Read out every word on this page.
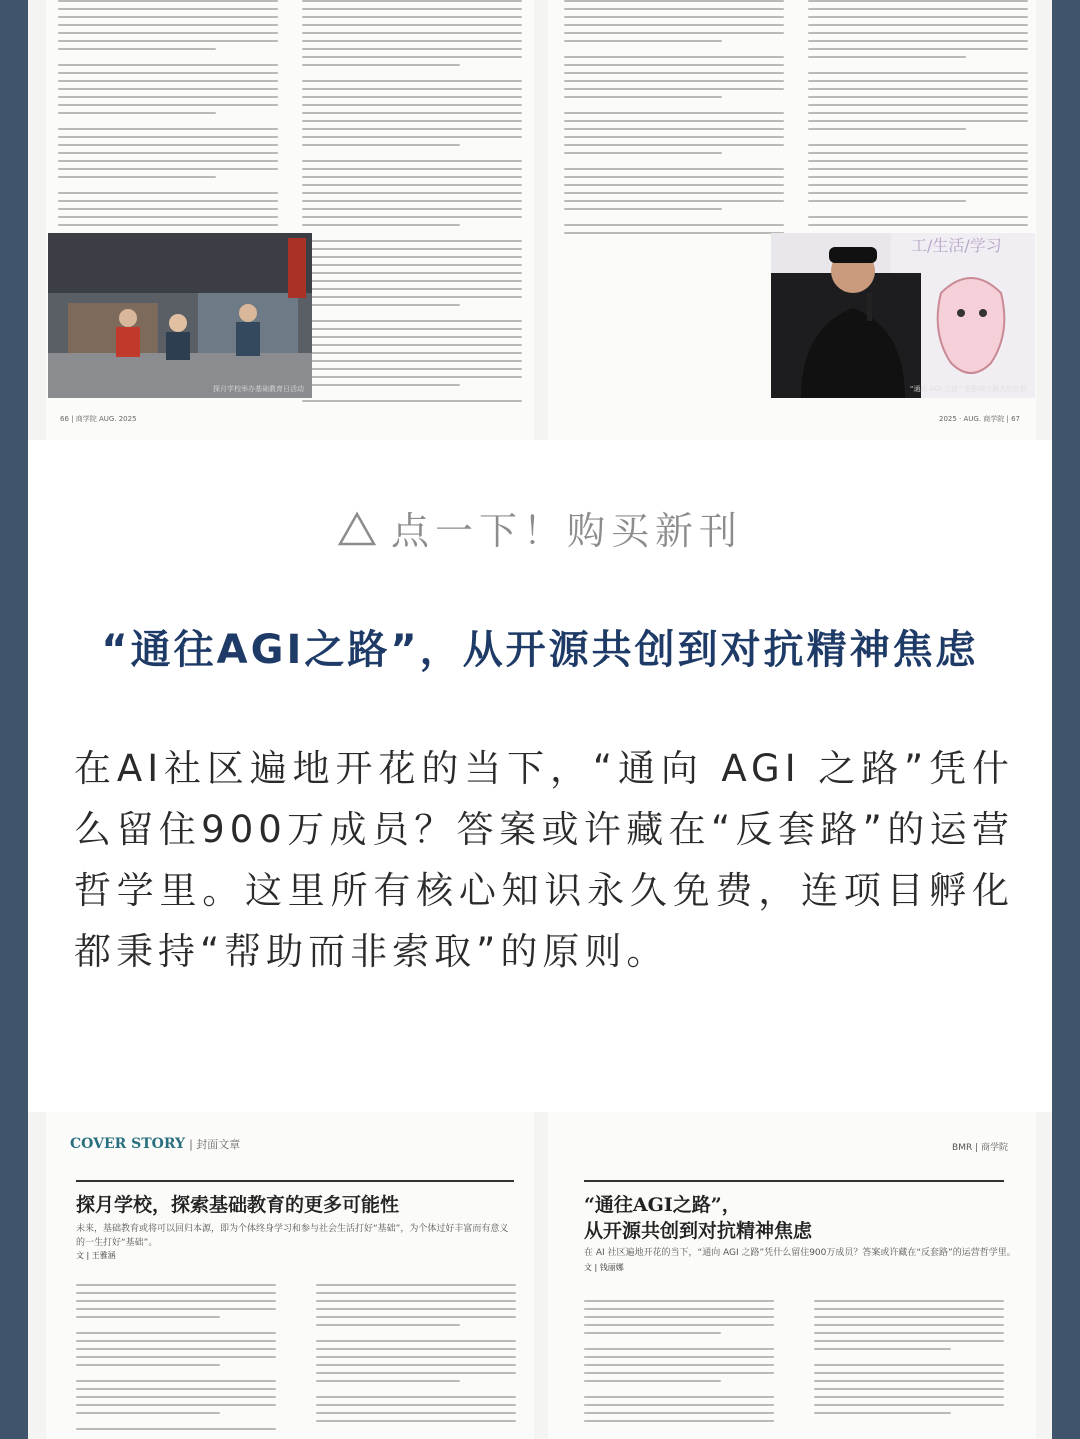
探月学校举办基础教育日活动
66 | 商学院 AUG. 2025
工/生活/学习
“通往 AGI 之路” 是影响力最大的社群
2025 · AUG. 商学院 | 67
点一下！购买新刊
“通往AGI之路”，从开源共创到对抗精神焦虑
在AI社区遍地开花的当下，“通向 AGI 之路”凭什么留住900万成员？答案或许藏在“反套路”的运营哲学里。这里所有核心知识永久免费，连项目孵化都秉持“帮助而非索取”的原则。
COVER STORY | 封面文章
探月学校，探索基础教育的更多可能性
未来，基础教育或将可以回归本源，即为个体终身学习和参与社会生活打好“基础”，为个体过好丰富而有意义的一生打好“基础”。
文 | 王雅涵
BMR | 商学院
“通往AGI之路”，
从开源共创到对抗精神焦虑
在 AI 社区遍地开花的当下，“通向 AGI 之路”凭什么留住900万成员？答案或许藏在“反套路”的运营哲学里。
文 | 钱丽娜
